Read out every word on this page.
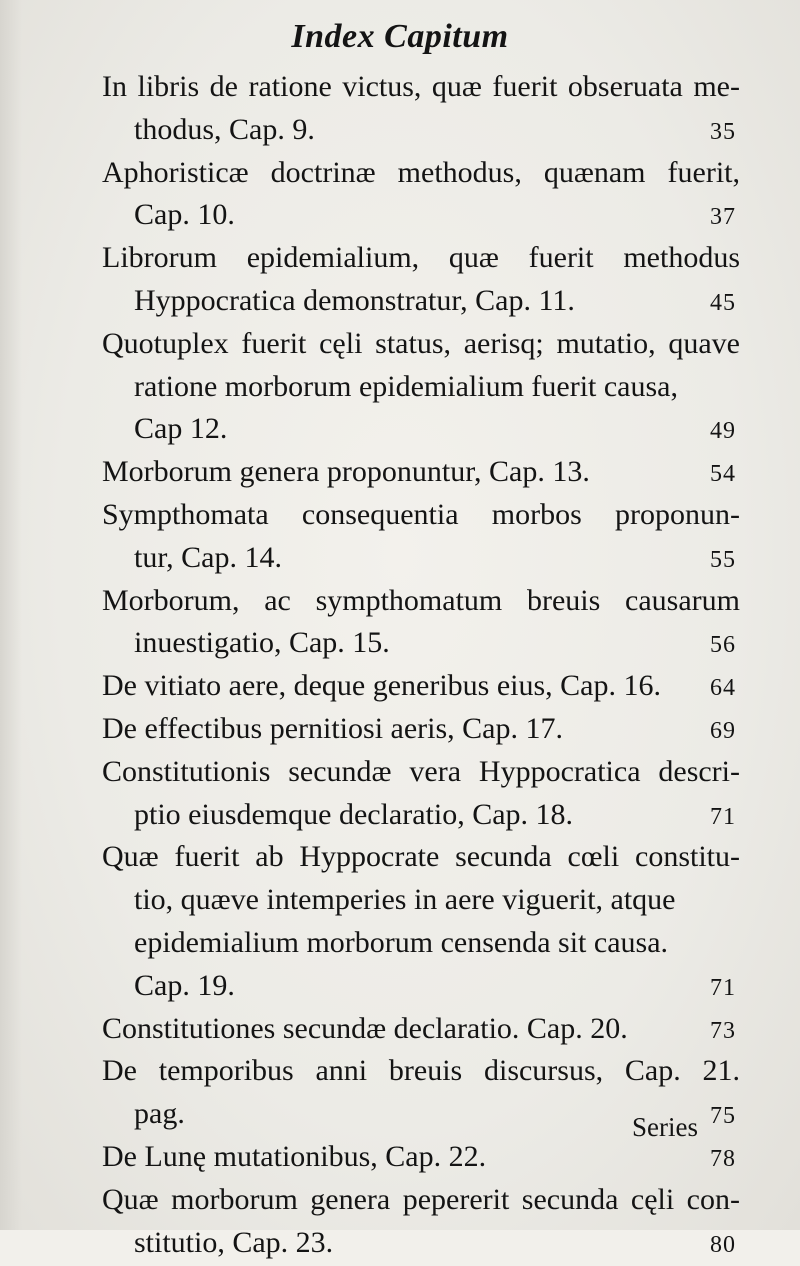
Index Capitum
In libris de ratione victus, quæ fuerit obseruata me-
thodus, Cap. 9.	35
Aphoristicæ doctrinæ methodus, quænam fuerit,
Cap. 10.	37
Librorum epidemialium, quæ fuerit methodus
Hyppocratica demonstratur, Cap. 11.	45
Quotuplex fuerit cęli status, aerisq; mutatio, quave
ratione morborum epidemialium fuerit causa,
Cap 12.	49
Morborum genera proponuntur, Cap. 13.	54
Sympthomata consequentia morbos proponun-
tur, Cap. 14.	55
Morborum, ac sympthomatum breuis causarum
inuestigatio, Cap. 15.	56
De vitiato aere, deque generibus eius, Cap. 16. 64
De effectibus pernitiosi aeris, Cap. 17.	69
Constitutionis secundæ vera Hyppocratica descri-
ptio eiusdemque declaratio, Cap. 18.	71
Quæ fuerit ab Hyppocrate secunda cœli constitu-
tio, quæve intemperies in aere viguerit, atque
epidemialium morborum censenda sit causa.
Cap. 19.	71
Constitutiones secundæ declaratio. Cap. 20.	73
De temporibus anni breuis discursus, Cap. 21.
pag.	75
De Lunę mutationibus, Cap. 22.	78
Quæ morborum genera pepererit secunda cęli con-
stitutio, Cap. 23.	80
Series
